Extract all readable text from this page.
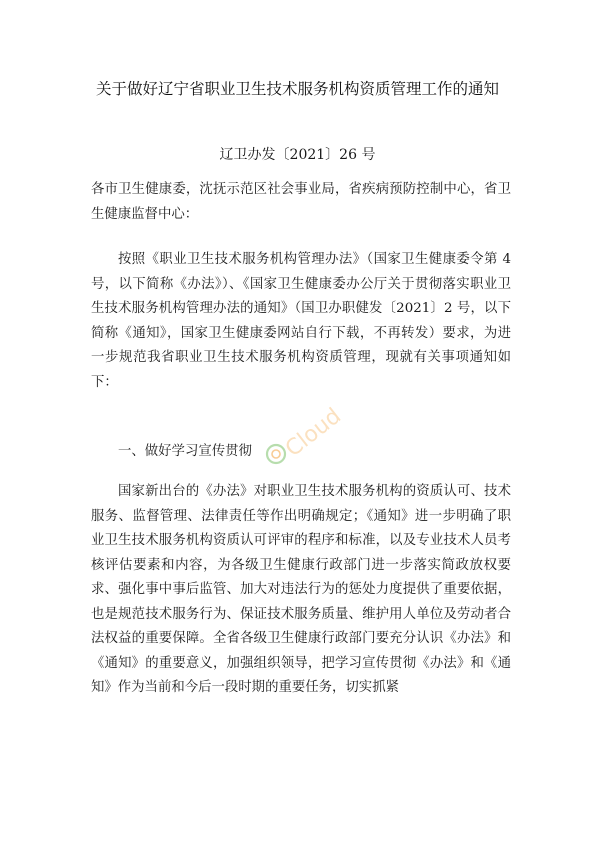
关于做好辽宁省职业卫生技术服务机构资质管理工作的通知
辽卫办发〔2021〕26 号

各市卫生健康委，沈抚示范区社会事业局，省疾病预防控制中心，省卫生健康监督中心：

按照《职业卫生技术服务机构管理办法》（国家卫生健康委令第 4 号，以下简称《办法》）、《国家卫生健康委办公厅关于贯彻落实职业卫生技术服务机构管理办法的通知》（国卫办职健发〔2021〕2 号，以下简称《通知》，国家卫生健康委网站自行下载，不再转发）要求，为进一步规范我省职业卫生技术服务机构资质管理，现就有关事项通知如下：

一、做好学习宣传贯彻

国家新出台的《办法》对职业卫生技术服务机构的资质认可、技术服务、监督管理、法律责任等作出明确规定；《通知》进一步明确了职业卫生技术服务机构资质认可评审的程序和标准，以及专业技术人员考核评估要素和内容，为各级卫生健康行政部门进一步落实简政放权要求、强化事中事后监管、加大对违法行为的惩处力度提供了重要依据，也是规范技术服务行为、保证技术服务质量、维护用人单位及劳动者合法权益的重要保障。全省各级卫生健康行政部门要充分认识《办法》和《通知》的重要意义，加强组织领导，把学习宣传贯彻《办法》和《通知》作为当前和今后一段时期的重要任务，切实抓紧

Cloud
